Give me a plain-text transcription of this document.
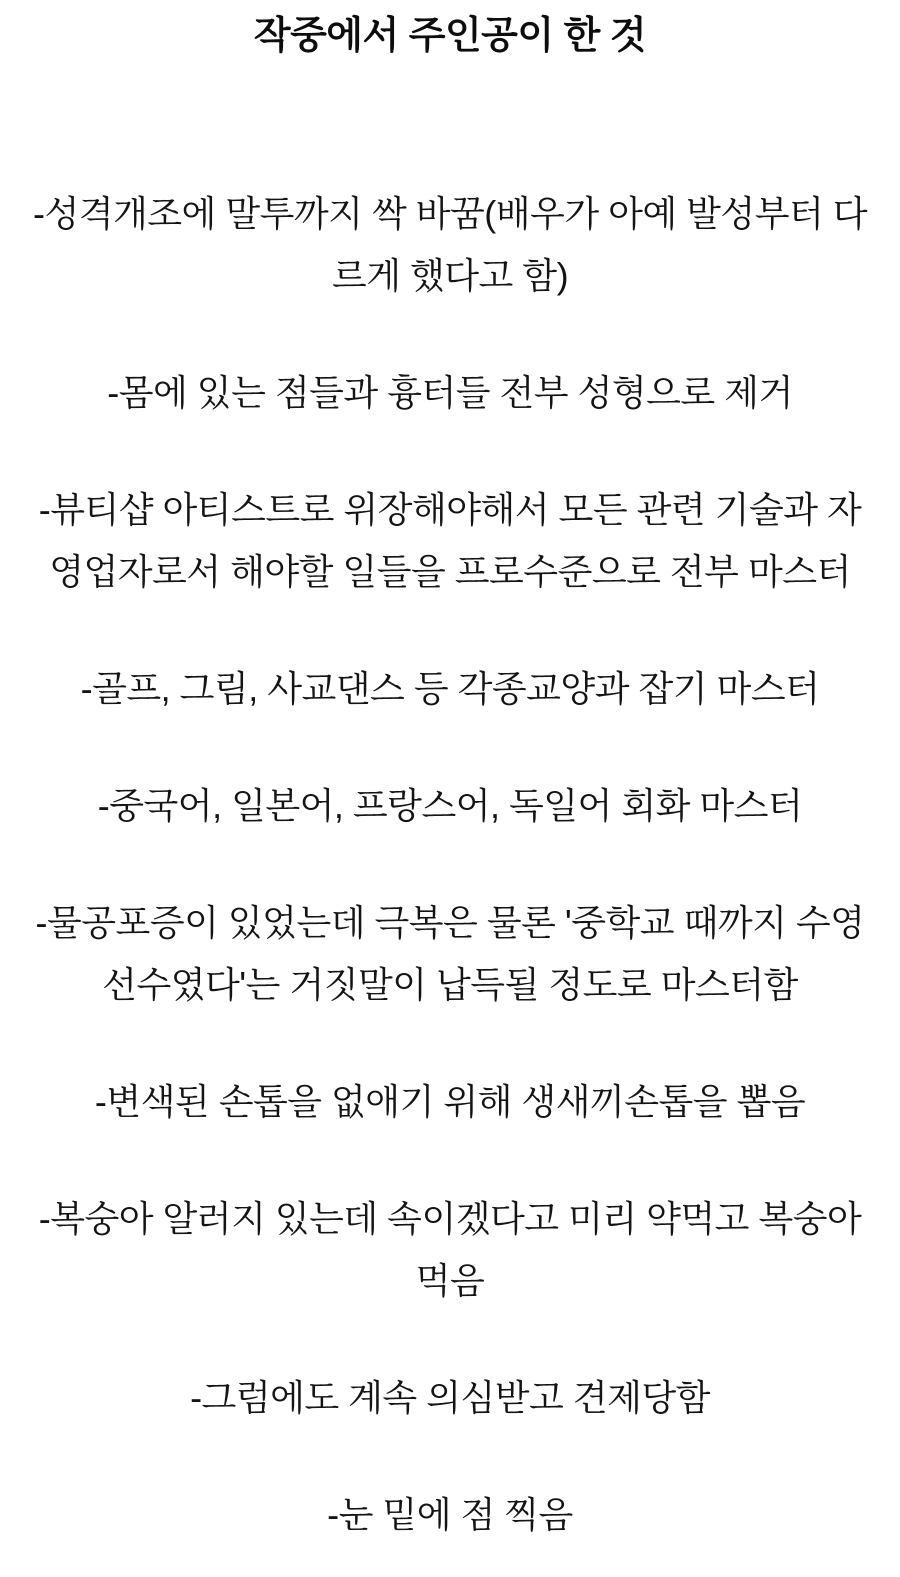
작중에서 주인공이 한 것

-성격개조에 말투까지 싹 바꿈(배우가 아예 발성부터 다르게 했다고 함)

-몸에 있는 점들과 흉터들 전부 성형으로 제거

-뷰티샵 아티스트로 위장해야해서 모든 관련 기술과 자영업자로서 해야할 일들을 프로수준으로 전부 마스터

-골프, 그림, 사교댄스 등 각종교양과 잡기 마스터

-중국어, 일본어, 프랑스어, 독일어 회화 마스터

-물공포증이 있었는데 극복은 물론 '중학교 때까지 수영선수였다'는 거짓말이 납득될 정도로 마스터함

-변색된 손톱을 없애기 위해 생새끼손톱을 뽑음

-복숭아 알러지 있는데 속이겠다고 미리 약먹고 복숭아 먹음

-그럼에도 계속 의심받고 견제당함

-눈 밑에 점 찍음
